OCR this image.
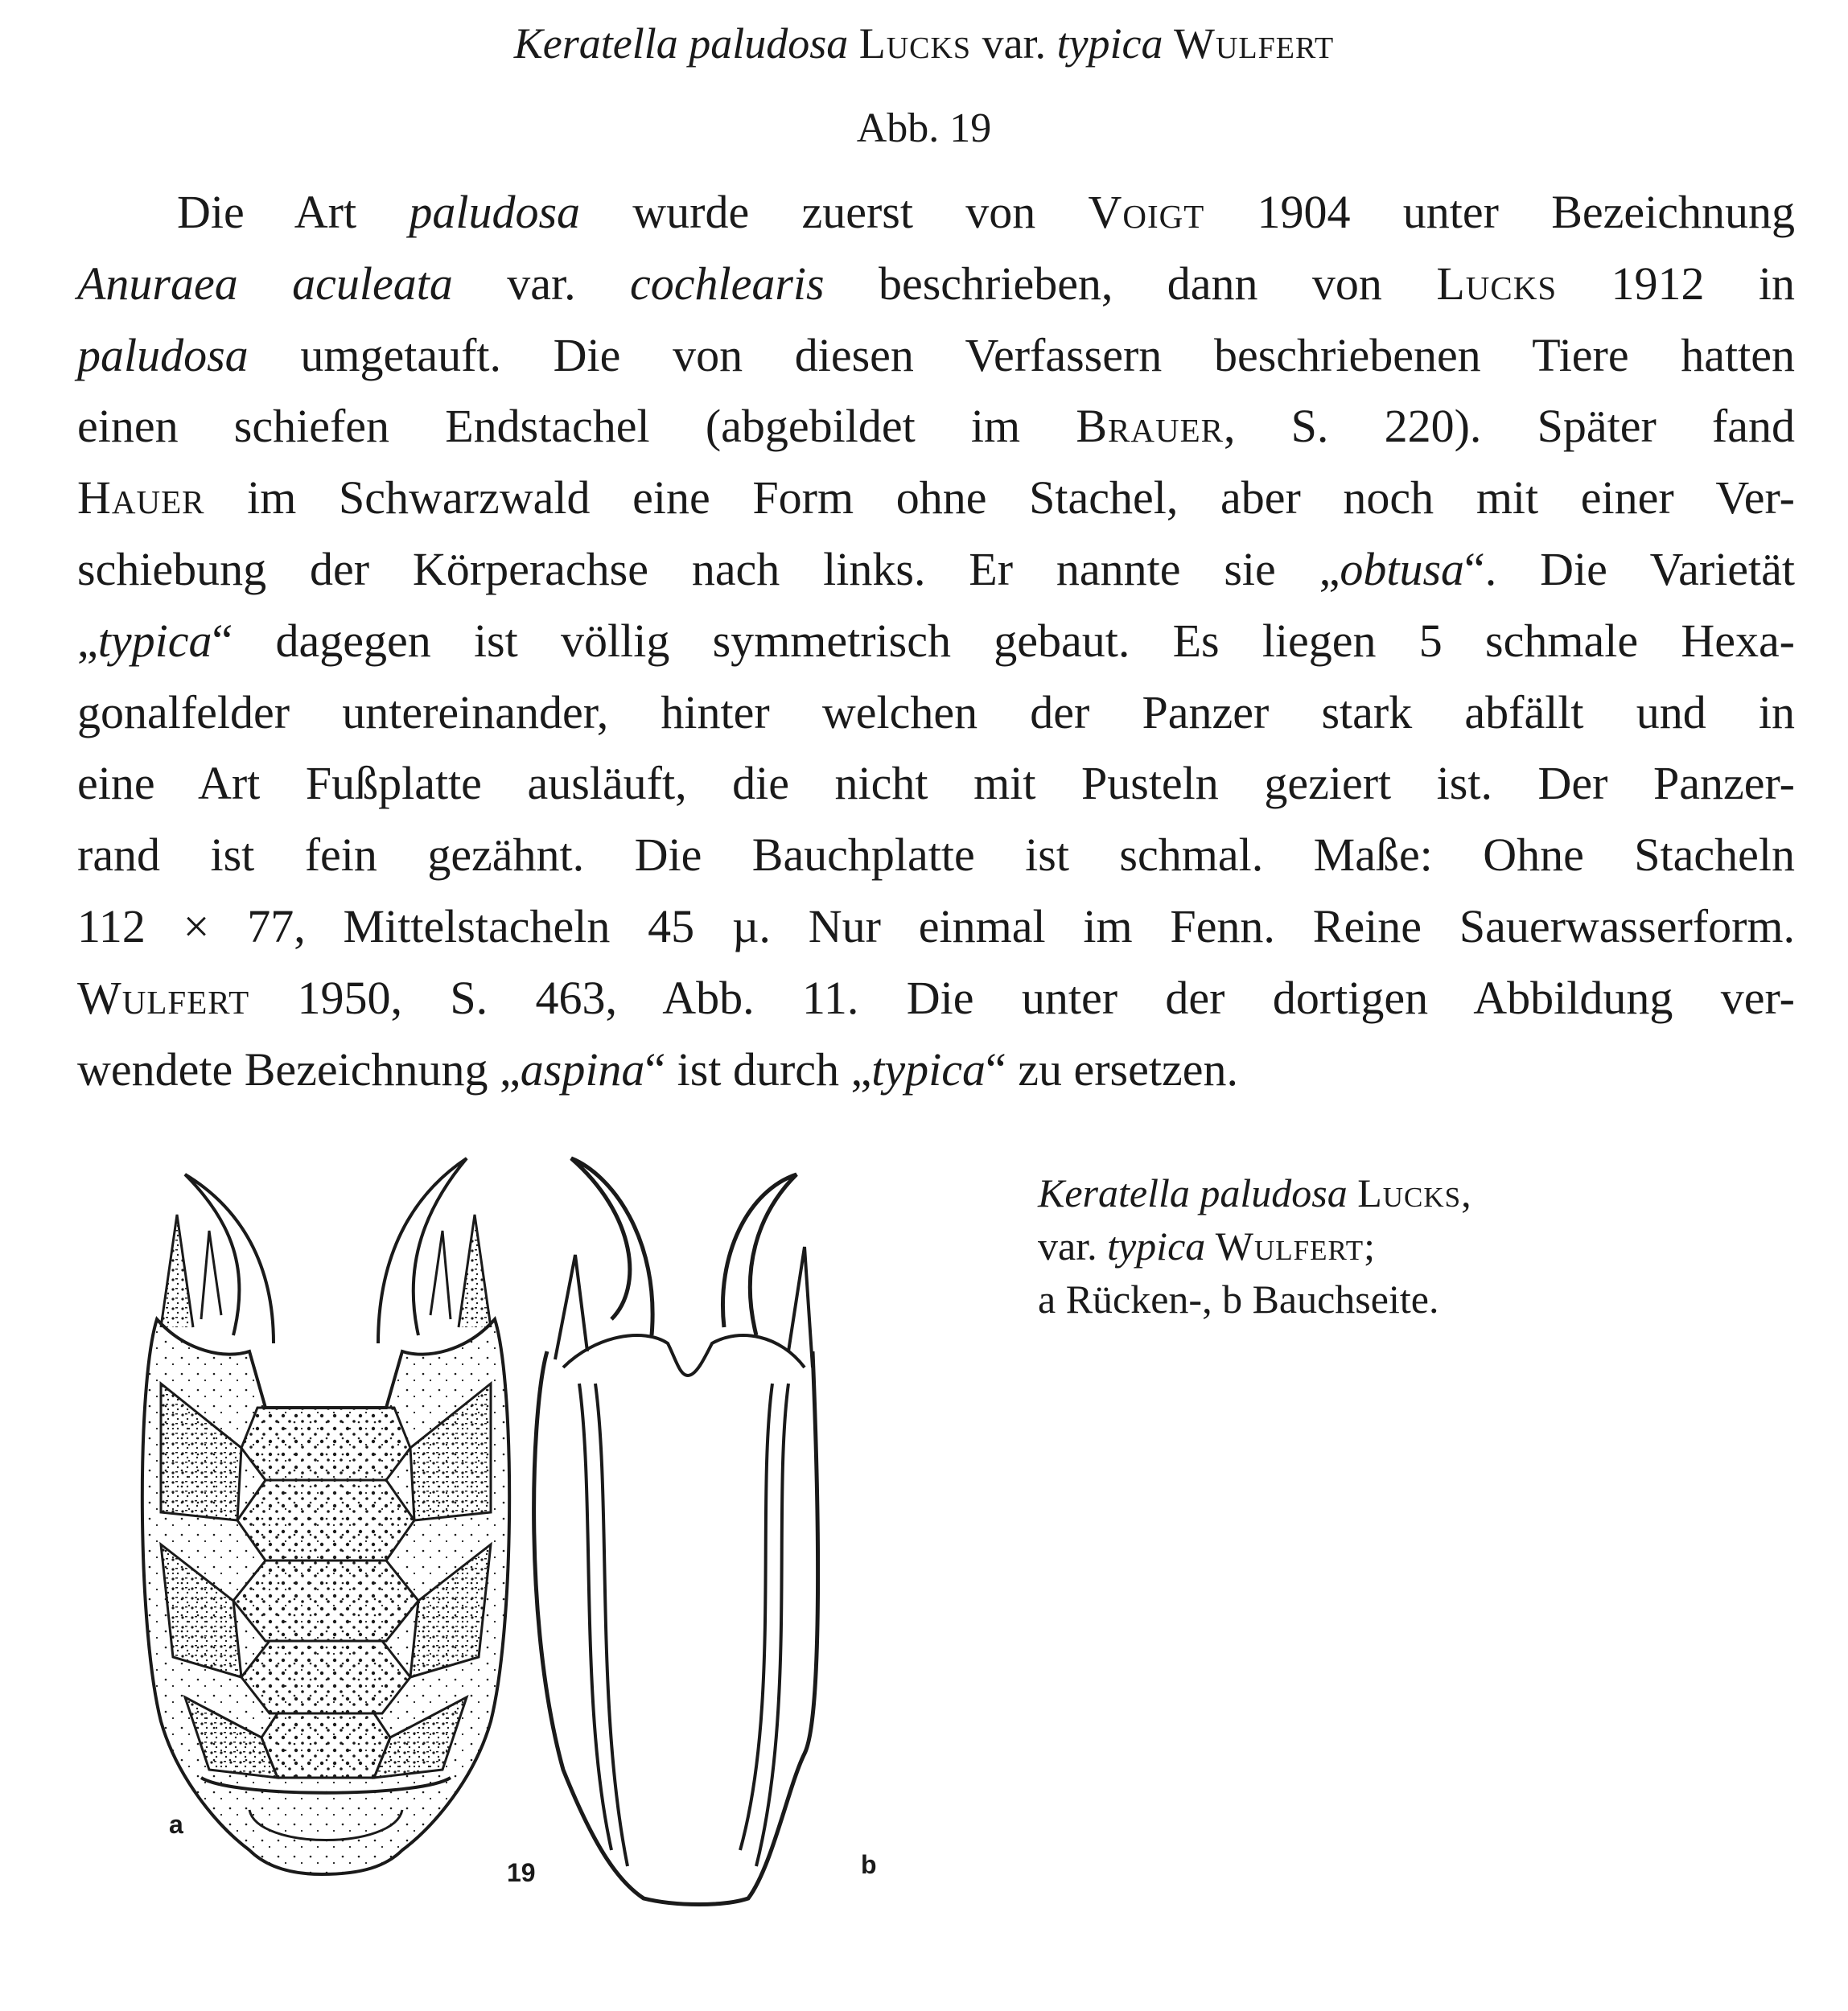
Keratella paludosa Lucks var. typica Wulfert
Abb. 19
Die Art paludosa wurde zuerst von Voigt 1904 unter Bezeichnung
Anuraea aculeata var. cochlearis beschrieben, dann von Lucks 1912 in
paludosa umgetauft. Die von diesen Verfassern beschriebenen Tiere hatten
einen schiefen Endstachel (abgebildet im Brauer, S. 220). Später fand
Hauer im Schwarzwald eine Form ohne Stachel, aber noch mit einer Ver-
schiebung der Körperachse nach links. Er nannte sie „obtusa“. Die Varietät
„typica“ dagegen ist völlig symmetrisch gebaut. Es liegen 5 schmale Hexa-
gonalfelder untereinander, hinter welchen der Panzer stark abfällt und in
eine Art Fußplatte ausläuft, die nicht mit Pusteln geziert ist. Der Panzer-
rand ist fein gezähnt. Die Bauchplatte ist schmal. Maße: Ohne Stacheln
112 × 77, Mittelstacheln 45 µ. Nur einmal im Fenn. Reine Sauerwasserform.
Wulfert 1950, S. 463, Abb. 11. Die unter der dortigen Abbildung ver-
wendete Bezeichnung „aspina“ ist durch „typica“ zu ersetzen.
a
19	b
Keratella paludosa Lucks,
var. typica Wulfert;
a Rücken-, b Bauchseite.
